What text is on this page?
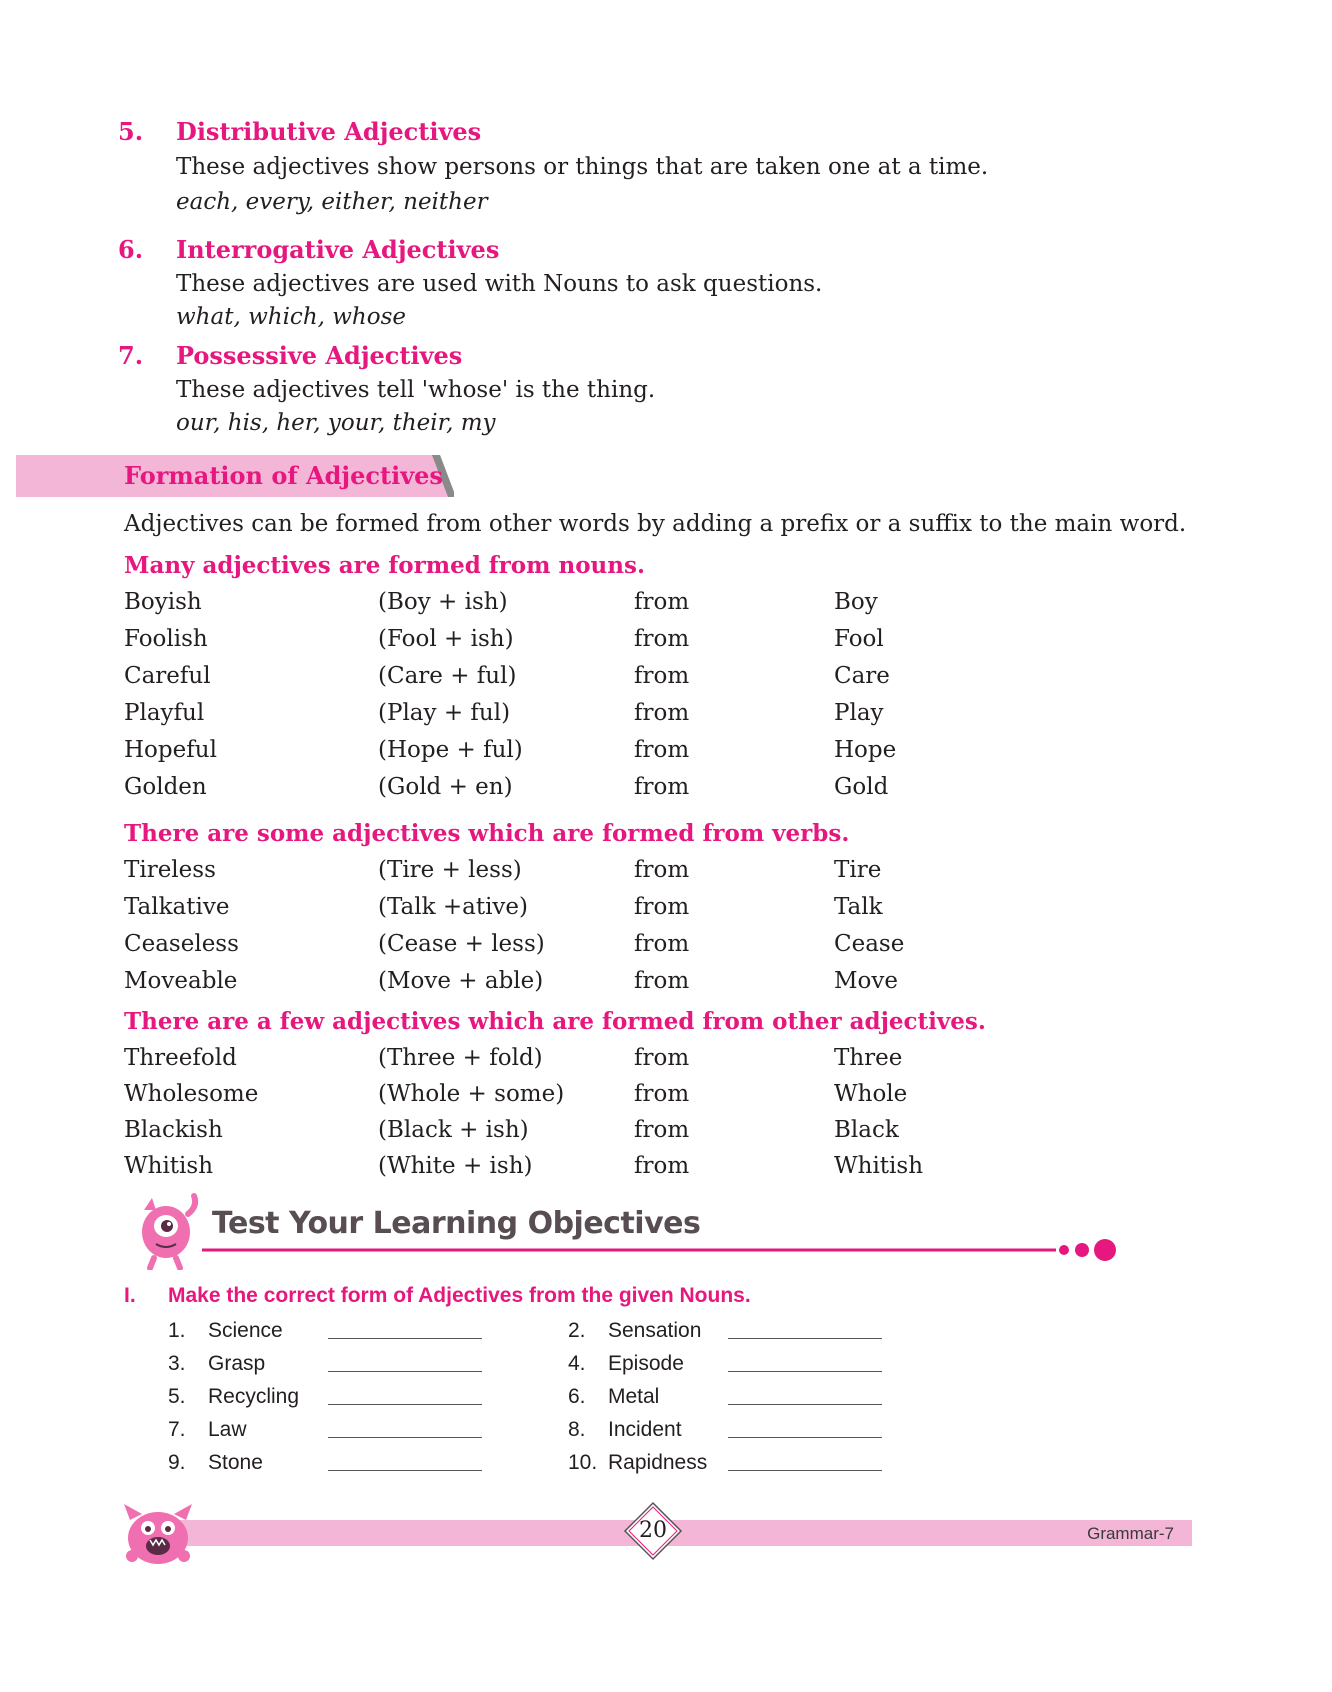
5. Distributive Adjectives
These adjectives show persons or things that are taken one at a time.
each, every, either, neither
6. Interrogative Adjectives
These adjectives are used with Nouns to ask questions.
what, which, whose
7. Possessive Adjectives
These adjectives tell 'whose' is the thing.
our, his, her, your, their, my
Formation of Adjectives
Adjectives can be formed from other words by adding a prefix or a suffix to the main word.
Many adjectives are formed from nouns.
Boyish	(Boy + ish)	from	Boy
Foolish	(Fool + ish)	from	Fool
Careful	(Care + ful)	from	Care
Playful	(Play + ful)	from	Play
Hopeful	(Hope + ful)	from	Hope
Golden	(Gold + en)	from	Gold
There are some adjectives which are formed from verbs.
Tireless	(Tire + less)	from	Tire
Talkative	(Talk +ative)	from	Talk
Ceaseless	(Cease + less)	from	Cease
Moveable	(Move + able)	from	Move
There are a few adjectives which are formed from other adjectives.
Threefold	(Three + fold)	from	Three
Wholesome	(Whole + some)	from	Whole
Blackish	(Black + ish)	from	Black
Whitish	(White + ish)	from	Whitish
Test Your Learning Objectives
I. Make the correct form of Adjectives from the given Nouns.
1. Science	2. Sensation
3. Grasp	4. Episode
5. Recycling	6. Metal
7. Law	8. Incident
9. Stone	10. Rapidness
20	Grammar-7
